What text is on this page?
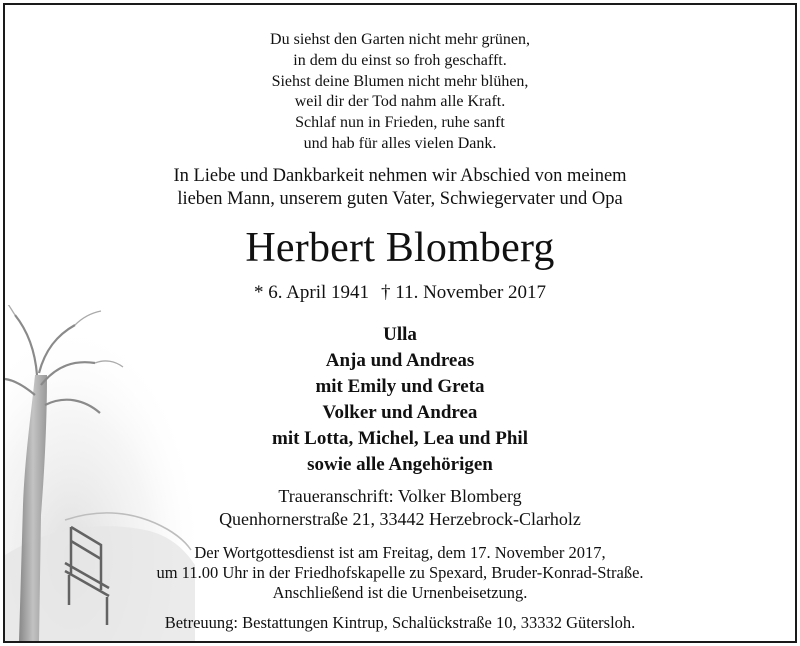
Du siehst den Garten nicht mehr grünen,
in dem du einst so froh geschafft.
Siehst deine Blumen nicht mehr blühen,
weil dir der Tod nahm alle Kraft.
Schlaf nun in Frieden, ruhe sanft
und hab für alles vielen Dank.
In Liebe und Dankbarkeit nehmen wir Abschied von meinem
lieben Mann, unserem guten Vater, Schwiegervater und Opa
Herbert Blomberg
* 6. April 1941 † 11. November 2017
Ulla
Anja und Andreas
mit Emily und Greta
Volker und Andrea
mit Lotta, Michel, Lea und Phil
sowie alle Angehörigen
Traueranschrift: Volker Blomberg
Quenhornerstraße 21, 33442 Herzebrock-Clarholz
Der Wortgottesdienst ist am Freitag, dem 17. November 2017,
um 11.00 Uhr in der Friedhofskapelle zu Spexard, Bruder-Konrad-Straße.
Anschließend ist die Urnenbeisetzung.
Betreuung: Bestattungen Kintrup, Schalückstraße 10, 33332 Gütersloh.
